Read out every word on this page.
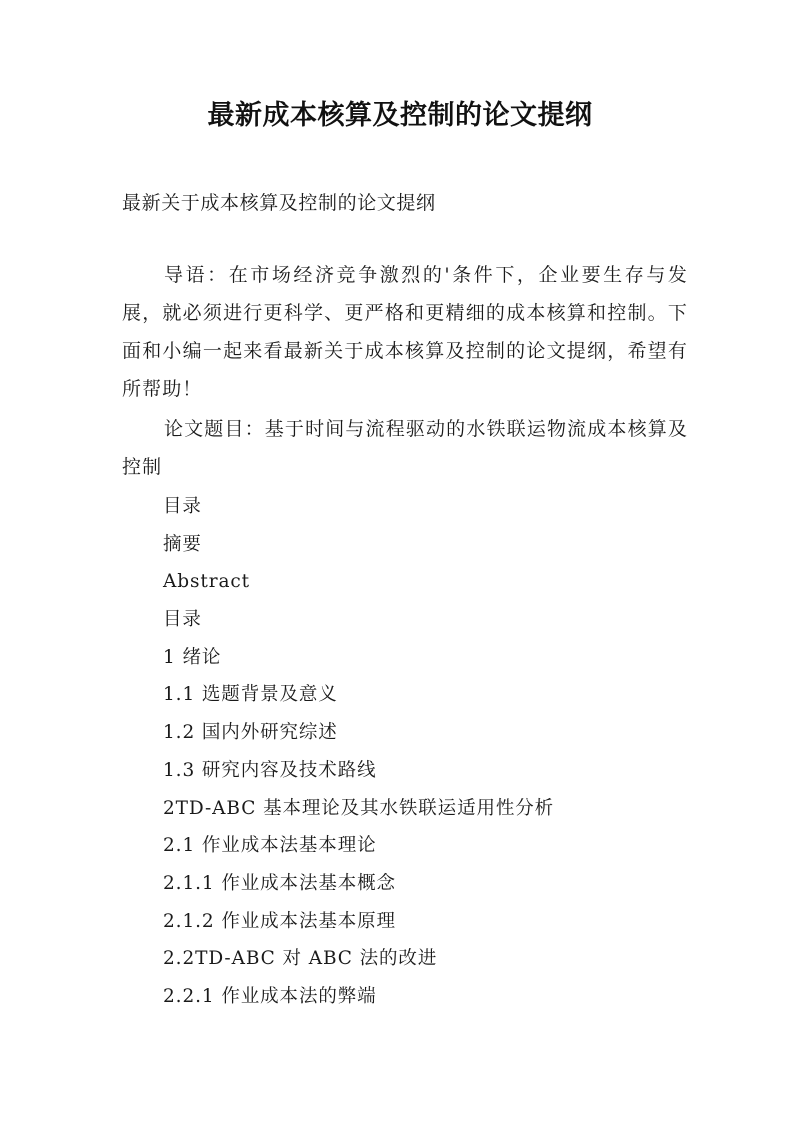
最新成本核算及控制的论文提纲
最新关于成本核算及控制的论文提纲

导语：在市场经济竞争激烈的'条件下，企业要生存与发展，就必须进行更科学、更严格和更精细的成本核算和控制。下面和小编一起来看最新关于成本核算及控制的论文提纲，希望有所帮助！

论文题目：基于时间与流程驱动的水铁联运物流成本核算及控制

目录
摘要
Abstract
目录
1 绪论
1.1 选题背景及意义
1.2 国内外研究综述
1.3 研究内容及技术路线
2TD-ABC 基本理论及其水铁联运适用性分析
2.1 作业成本法基本理论
2.1.1 作业成本法基本概念
2.1.2 作业成本法基本原理
2.2TD-ABC 对 ABC 法的改进
2.2.1 作业成本法的弊端
